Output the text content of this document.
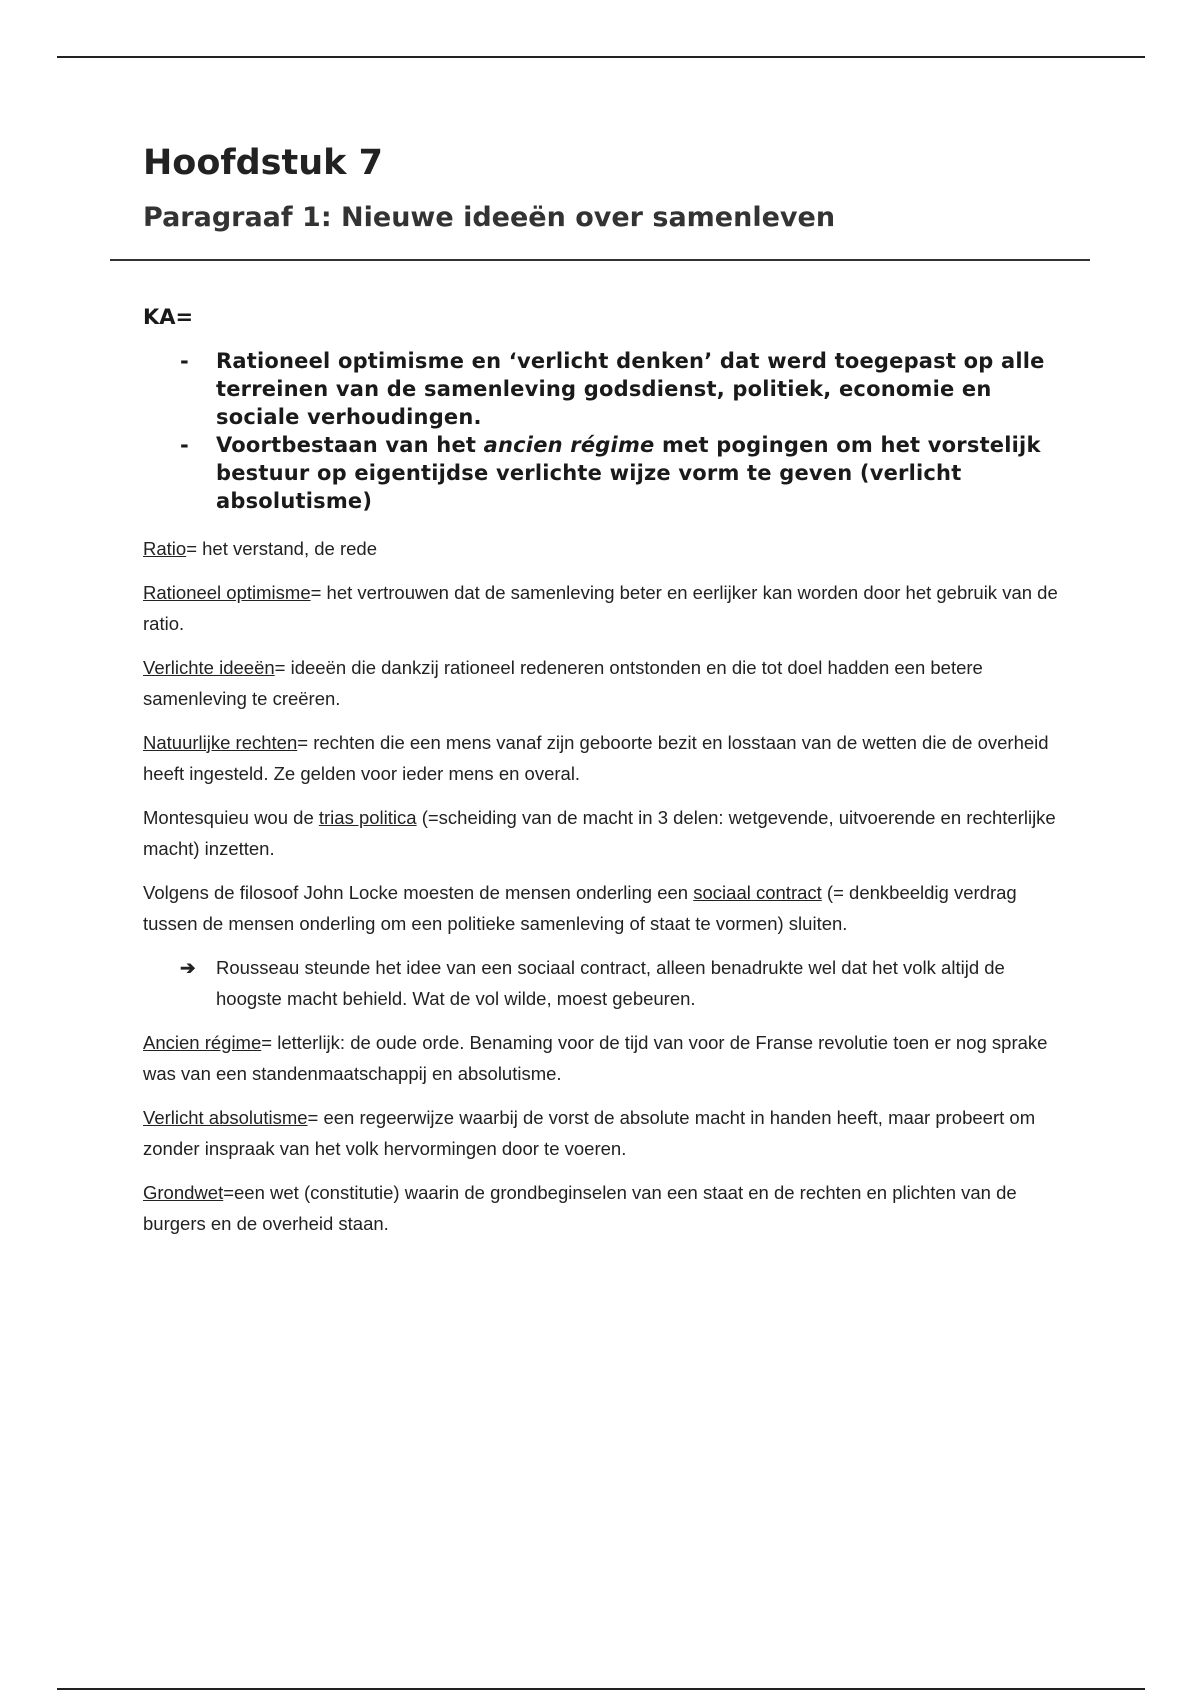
Hoofdstuk 7
Paragraaf 1: Nieuwe ideeën over samenleven
KA=
- Rationeel optimisme en ‘verlicht denken’ dat werd toegepast op alle terreinen van de samenleving godsdienst, politiek, economie en sociale verhoudingen.
- Voortbestaan van het ancien régime met pogingen om het vorstelijk bestuur op eigentijdse verlichte wijze vorm te geven (verlicht absolutisme)

Ratio= het verstand, de rede

Rationeel optimisme= het vertrouwen dat de samenleving beter en eerlijker kan worden door het gebruik van de ratio.

Verlichte ideeën= ideeën die dankzij rationeel redeneren ontstonden en die tot doel hadden een betere samenleving te creëren.

Natuurlijke rechten= rechten die een mens vanaf zijn geboorte bezit en losstaan van de wetten die de overheid heeft ingesteld. Ze gelden voor ieder mens en overal.

Montesquieu wou de trias politica (=scheiding van de macht in 3 delen: wetgevende, uitvoerende en rechterlijke macht) inzetten.

Volgens de filosoof John Locke moesten de mensen onderling een sociaal contract (= denkbeeldig verdrag tussen de mensen onderling om een politieke samenleving of staat te vormen) sluiten.

➔ Rousseau steunde het idee van een sociaal contract, alleen benadrukte wel dat het volk altijd de hoogste macht behield. Wat de vol wilde, moest gebeuren.

Ancien régime= letterlijk: de oude orde. Benaming voor de tijd van voor de Franse revolutie toen er nog sprake was van een standenmaatschappij en absolutisme.

Verlicht absolutisme= een regeerwijze waarbij de vorst de absolute macht in handen heeft, maar probeert om zonder inspraak van het volk hervormingen door te voeren.

Grondwet=een wet (constitutie) waarin de grondbeginselen van een staat en de rechten en plichten van de burgers en de overheid staan.
